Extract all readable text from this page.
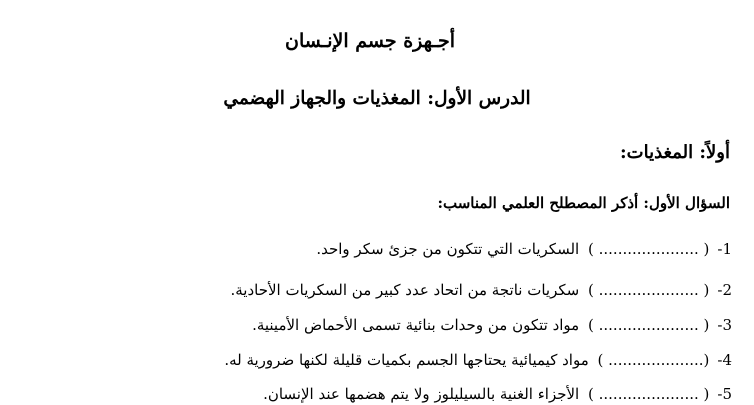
أجـهزة جسم الإنـسان
الدرس الأول: المغذيات والجهاز الهضمي
أولاً: المغذيات:
السؤال الأول: أذكر المصطلح العلمي المناسب:
1-( ..................... ) السكريات التي تتكون من جزئ سكر واحد.
2-( ..................... ) سكريات ناتجة من اتحاد عدد كبير من السكريات الأحادية.
3-( ..................... ) مواد تتكون من وحدات بنائية تسمى الأحماض الأمينية.
4-(.................... ) مواد كيميائية يحتاجها الجسم بكميات قليلة لكنها ضرورية له.
5-( ..................... ) الأجزاء الغنية بالسيليلوز ولا يتم هضمها عند الإنسان.
